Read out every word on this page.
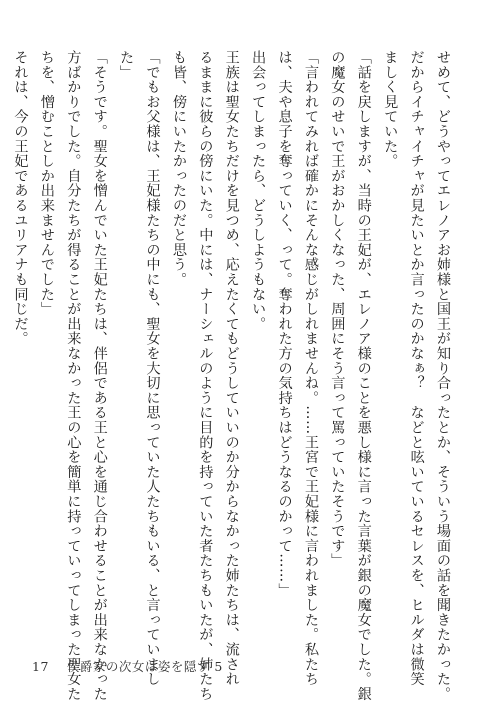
せめて、どうやってエレノアお姉様と国王が知り合ったとか、そういう場面の話を聞きたかった。
だからイチャイチャが見たいとか言ったのかなぁ？　などと呟いているセレスを、ヒルダは微笑
ましく見ていた。
「話を戻しますが、当時の王妃が、エレノア様のことを悪し様に言った言葉が銀の魔女でした。銀
の魔女のせいで王がおかしくなった、周囲にそう言って罵っていたそうです」
「言われてみれば確かにそんな感じがしれませんね。……王宮で王妃様に言われました。私たち
は、夫や息子を奪っていく、って。奪われた方の気持ちはどうなるのかって……」
出会ってしまったら、どうしようもない。
王族は聖女たちだけを見つめ、応えたくてもどうしていいのか分からなかった姉たちは、流され
るままに彼らの傍にいた。中には、ナーシェルのように目的を持っていた者たちもいたが、姉たち
も皆、傍にいたかったのだと思う。
「でもお父様は、王妃様たちの中にも、聖女を大切に思っていた人たちもいる、と言っていまし
た」
「そうです。聖女を憎んでいた王妃たちは、伴侶である王と心を通じ合わせることが出来なかった
方ばかりでした。自分たちが得ることが出来なかった王の心を簡単に持っていってしまった聖女た
ちを、憎むことしか出来ませんでした」
それは、今の王妃であるユリアナも同じだ。
17 侯爵家の次女は姿を隠す 5
